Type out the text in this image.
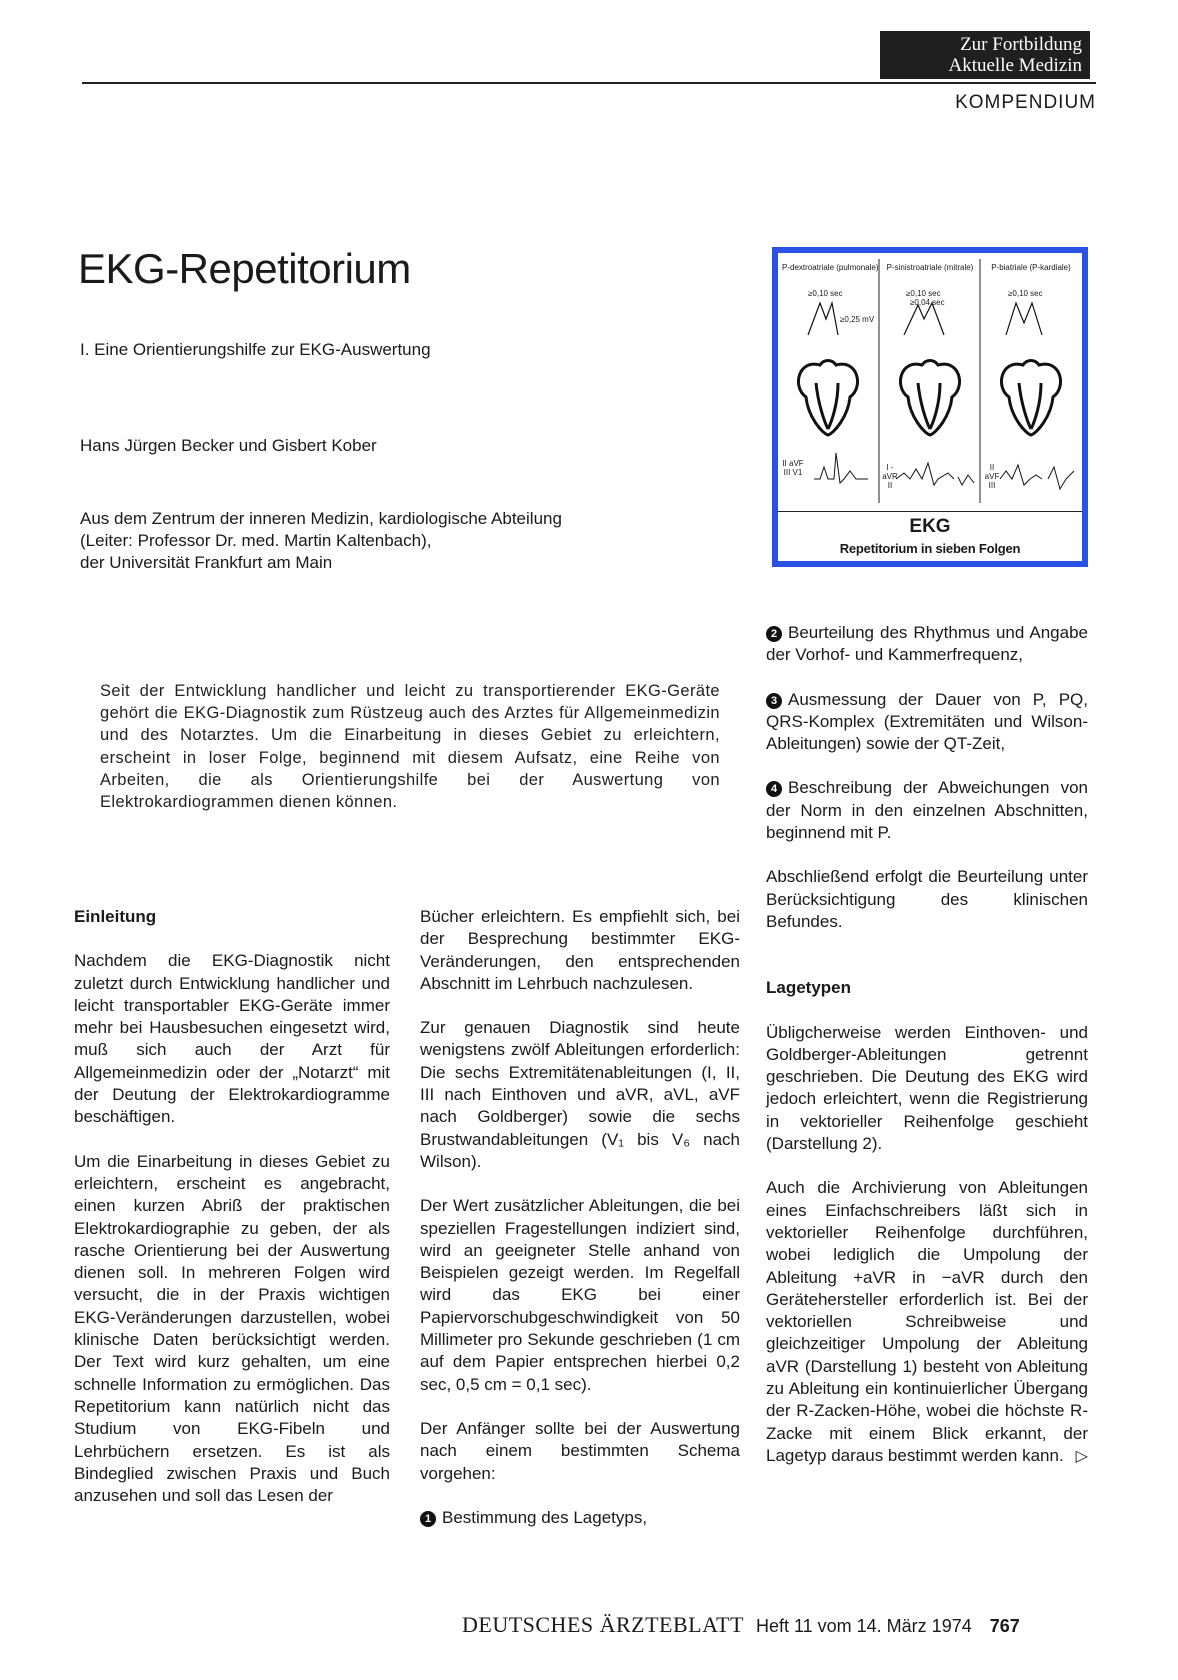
Zur Fortbildung
Aktuelle Medizin
KOMPENDIUM
EKG-Repetitorium
I. Eine Orientierungshilfe zur EKG-Auswertung
Hans Jürgen Becker und Gisbert Kober
Aus dem Zentrum der inneren Medizin, kardiologische Abteilung
(Leiter: Professor Dr. med. Martin Kaltenbach),
der Universität Frankfurt am Main
P-dextroatriale (pulmonale)	P-sinistroatriale (mitrale)	P-biatriale (P-kardiale)
≥0,10 sec
≥0,25 mV
≥0,10 sec
≥0,04 sec
≥0,10 sec
II aVF III V1
I -aVR II
II aVF III
EKG
Repetitorium in sieben Folgen
Seit der Entwicklung handlicher und leicht zu transportierender EKG-Geräte gehört die EKG-Diagnostik zum Rüstzeug auch des Arztes für Allgemeinmedizin und des Notarztes. Um die Einarbeitung in dieses Gebiet zu erleichtern, erscheint in loser Folge, beginnend mit diesem Aufsatz, eine Reihe von Arbeiten, die als Orientierungshilfe bei der Auswertung von Elektrokardiogrammen dienen können.
Einleitung

Nachdem die EKG-Diagnostik nicht zuletzt durch Entwicklung handlicher und leicht transportabler EKG-Geräte immer mehr bei Hausbesuchen eingesetzt wird, muß sich auch der Arzt für Allgemeinmedizin oder der „Notarzt“ mit der Deutung der Elektrokardiogramme beschäftigen.

Um die Einarbeitung in dieses Gebiet zu erleichtern, erscheint es angebracht, einen kurzen Abriß der praktischen Elektrokardiographie zu geben, der als rasche Orientierung bei der Auswertung dienen soll. In mehreren Folgen wird versucht, die in der Praxis wichtigen EKG-Veränderungen darzustellen, wobei klinische Daten berücksichtigt werden. Der Text wird kurz gehalten, um eine schnelle Information zu ermöglichen. Das Repetitorium kann natürlich nicht das Studium von EKG-Fibeln und Lehrbüchern ersetzen. Es ist als Bindeglied zwischen Praxis und Buch anzusehen und soll das Lesen der

Bücher erleichtern. Es empfiehlt sich, bei der Besprechung bestimmter EKG-Veränderungen, den entsprechenden Abschnitt im Lehrbuch nachzulesen.

Zur genauen Diagnostik sind heute wenigstens zwölf Ableitungen erforderlich: Die sechs Extremitätenableitungen (I, II, III nach Einthoven und aVR, aVL, aVF nach Goldberger) sowie die sechs Brustwandableitungen (V₁ bis V₆ nach Wilson).

Der Wert zusätzlicher Ableitungen, die bei speziellen Fragestellungen indiziert sind, wird an geeigneter Stelle anhand von Beispielen gezeigt werden. Im Regelfall wird das EKG bei einer Papiervorschubgeschwindigkeit von 50 Millimeter pro Sekunde geschrieben (1 cm auf dem Papier entsprechen hierbei 0,2 sec, 0,5 cm = 0,1 sec).

Der Anfänger sollte bei der Auswertung nach einem bestimmten Schema vorgehen:

1 Bestimmung des Lagetyps,

2 Beurteilung des Rhythmus und Angabe der Vorhof- und Kammerfrequenz,

3 Ausmessung der Dauer von P, PQ, QRS-Komplex (Extremitäten und Wilson-Ableitungen) sowie der QT-Zeit,

4 Beschreibung der Abweichungen von der Norm in den einzelnen Abschnitten, beginnend mit P.

Abschließend erfolgt die Beurteilung unter Berücksichtigung des klinischen Befundes.

Lagetypen

Übligcherweise werden Einthoven- und Goldberger-Ableitungen getrennt geschrieben. Die Deutung des EKG wird jedoch erleichtert, wenn die Registrierung in vektorieller Reihenfolge geschieht (Darstellung 2).

Auch die Archivierung von Ableitungen eines Einfachschreibers läßt sich in vektorieller Reihenfolge durchführen, wobei lediglich die Umpolung der Ableitung +aVR in −aVR durch den Gerätehersteller erforderlich ist. Bei der vektoriellen Schreibweise und gleichzeitiger Umpolung der Ableitung aVR (Darstellung 1) besteht von Ableitung zu Ableitung ein kontinuierlicher Übergang der R-Zacken-Höhe, wobei die höchste R-Zacke mit einem Blick erkannt, der Lagetyp daraus bestimmt werden kann. ▷

DEUTSCHES ÄRZTEBLATT Heft 11 vom 14. März 1974 767
